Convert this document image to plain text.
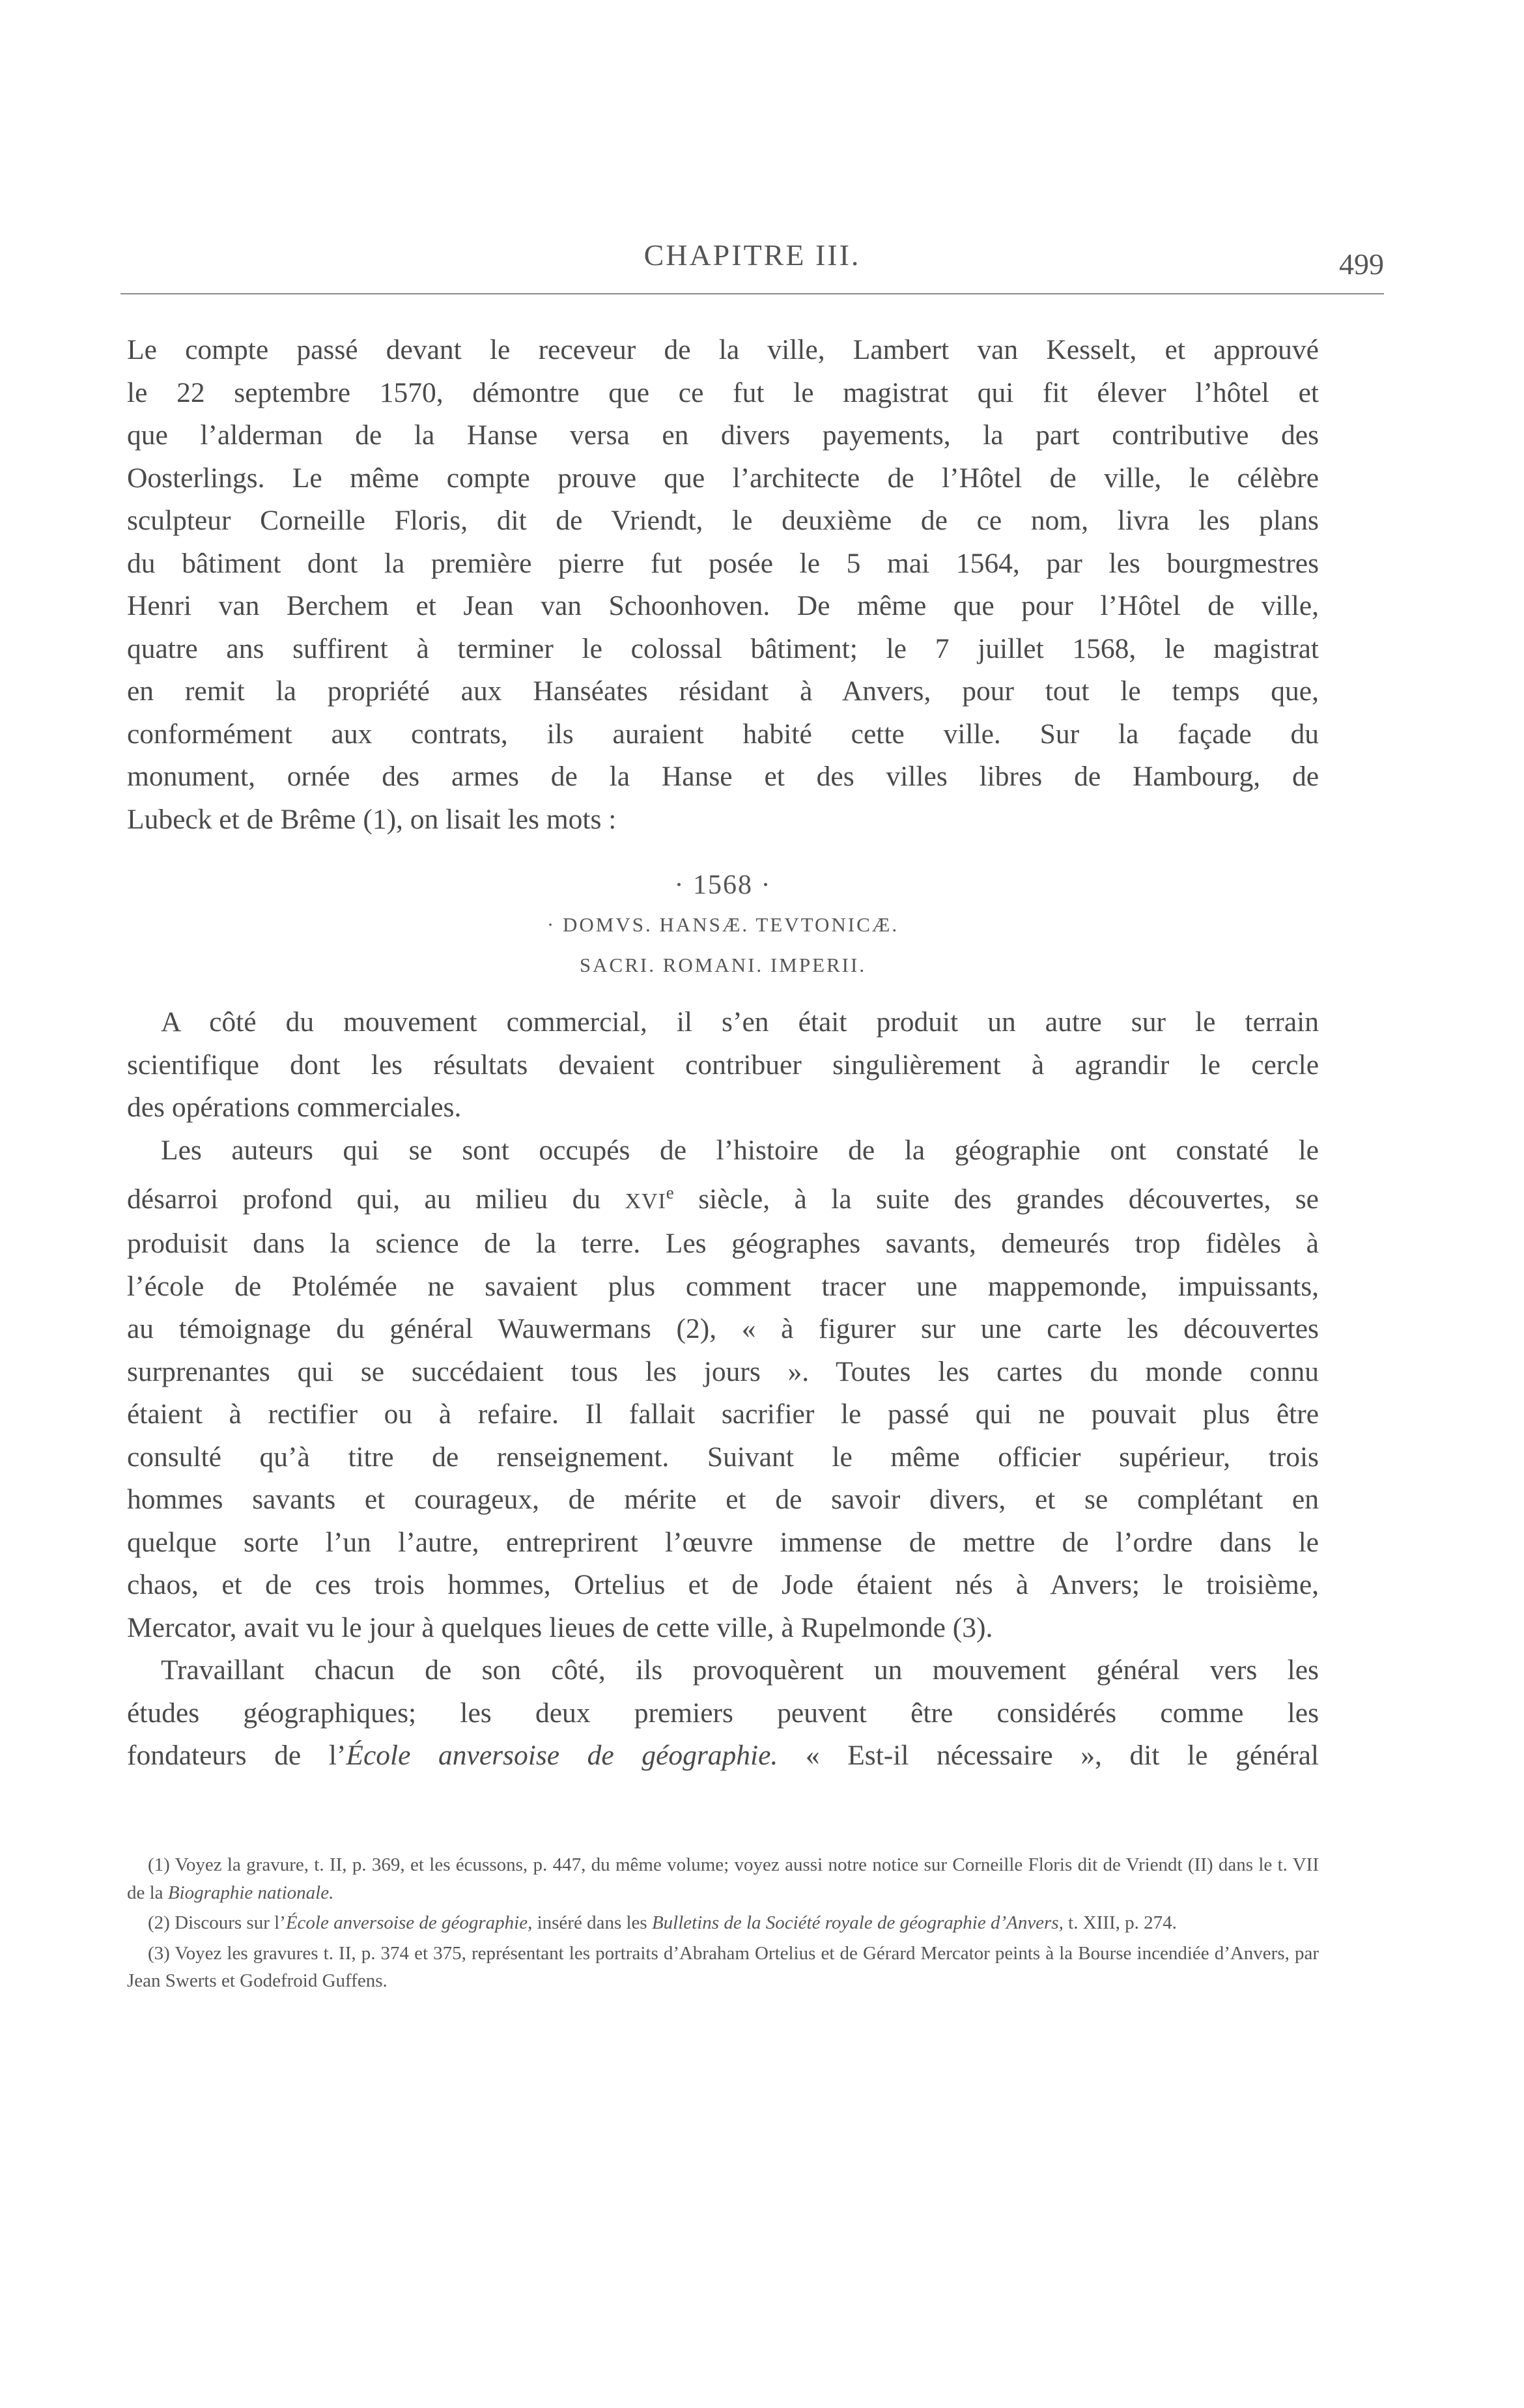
CHAPITRE III.	499

Le compte passé devant le receveur de la ville, Lambert van Kesselt, et approuvé

le 22 septembre 1570, démontre que ce fut le magistrat qui fit élever l’hôtel et

que l’alderman de la Hanse versa en divers payements, la part contributive des

Oosterlings. Le même compte prouve que l’architecte de l’Hôtel de ville, le célèbre

sculpteur Corneille Floris, dit de Vriendt, le deuxième de ce nom, livra les plans

du bâtiment dont la première pierre fut posée le 5 mai 1564, par les bourgmestres

Henri van Berchem et Jean van Schoonhoven. De même que pour l’Hôtel de ville,

quatre ans suffirent à terminer le colossal bâtiment; le 7 juillet 1568, le magistrat

en remit la propriété aux Hanséates résidant à Anvers, pour tout le temps que,

conformément aux contrats, ils auraient habité cette ville. Sur la façade du

monument, ornée des armes de la Hanse et des villes libres de Hambourg, de

Lubeck et de Brême (1), on lisait les mots :

· 1568 ·

· DOMVS. HANSÆ. TEVTONICÆ.

SACRI. ROMANI. IMPERII.

A côté du mouvement commercial, il s’en était produit un autre sur le terrain

scientifique dont les résultats devaient contribuer singulièrement à agrandir le cercle

des opérations commerciales.

Les auteurs qui se sont occupés de l’histoire de la géographie ont constaté le

désarroi profond qui, au milieu du XVIe siècle, à la suite des grandes découvertes, se

produisit dans la science de la terre. Les géographes savants, demeurés trop fidèles à

l’école de Ptolémée ne savaient plus comment tracer une mappemonde, impuissants,

au témoignage du général Wauwermans (2), « à figurer sur une carte les découvertes

surprenantes qui se succédaient tous les jours ». Toutes les cartes du monde connu

étaient à rectifier ou à refaire. Il fallait sacrifier le passé qui ne pouvait plus être

consulté qu’à titre de renseignement. Suivant le même officier supérieur, trois

hommes savants et courageux, de mérite et de savoir divers, et se complétant en

quelque sorte l’un l’autre, entreprirent l’œuvre immense de mettre de l’ordre dans le

chaos, et de ces trois hommes, Ortelius et de Jode étaient nés à Anvers; le troisième,

Mercator, avait vu le jour à quelques lieues de cette ville, à Rupelmonde (3).

Travaillant chacun de son côté, ils provoquèrent un mouvement général vers les

études géographiques; les deux premiers peuvent être considérés comme les

fondateurs de l’École anversoise de géographie. « Est-il nécessaire », dit le général

(1) Voyez la gravure, t. II, p. 369, et les écussons, p. 447, du même volume; voyez aussi notre notice sur Corneille Floris dit de Vriendt (II) dans le t. VII de la Biographie nationale.

(2) Discours sur l’École anversoise de géographie, inséré dans les Bulletins de la Société royale de géographie d’Anvers, t. XIII, p. 274.

(3) Voyez les gravures t. II, p. 374 et 375, représentant les portraits d’Abraham Ortelius et de Gérard Mercator peints à la Bourse incendiée d’Anvers, par Jean Swerts et Godefroid Guffens.
